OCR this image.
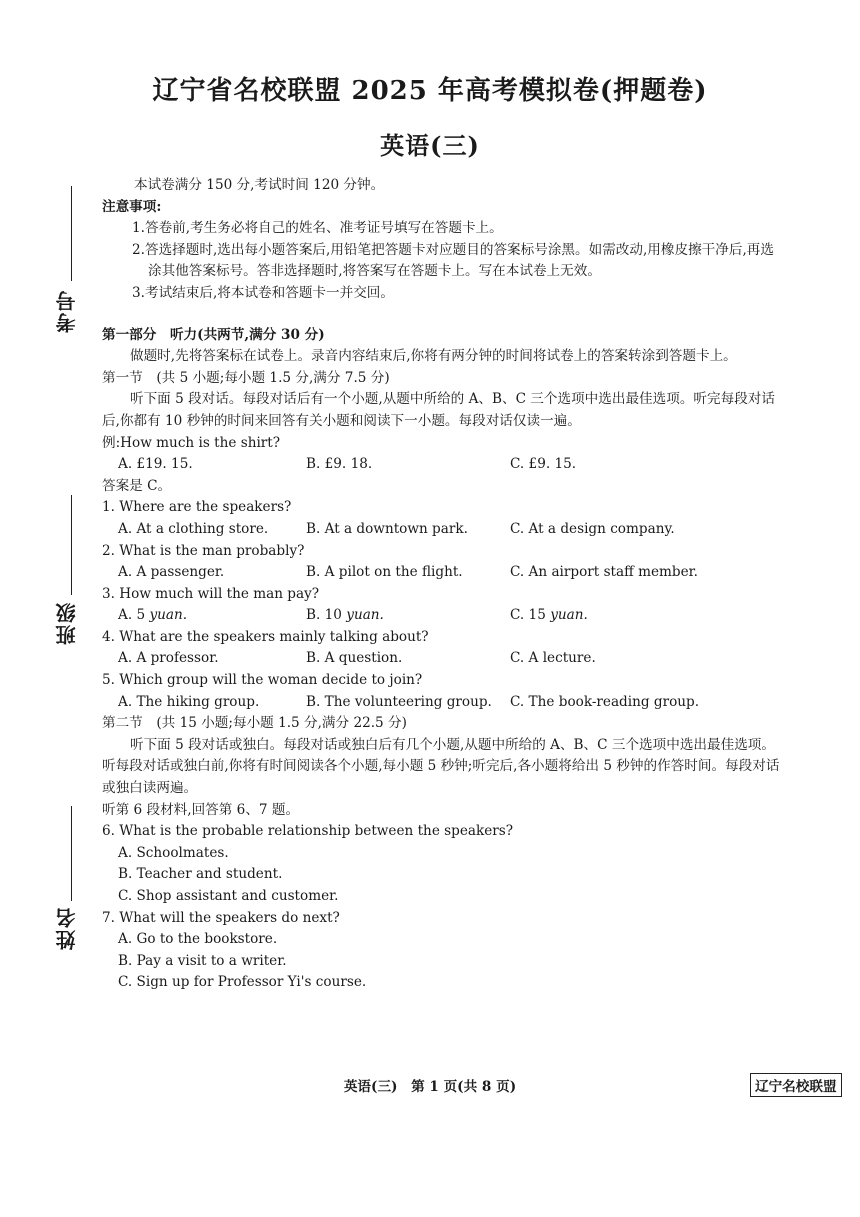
考号
班级
姓名
辽宁省名校联盟 2025 年高考模拟卷(押题卷)
英语(三)

本试卷满分 150 分,考试时间 120 分钟。

注意事项:

1.答卷前,考生务必将自己的姓名、准考证号填写在答题卡上。

2.答选择题时,选出每小题答案后,用铅笔把答题卡对应题目的答案标号涂黑。如需改动,用橡皮擦干净后,再选涂其他答案标号。答非选择题时,将答案写在答题卡上。写在本试卷上无效。

3.考试结束后,将本试卷和答题卡一并交回。

第一部分　听力(共两节,满分 30 分)

做题时,先将答案标在试卷上。录音内容结束后,你将有两分钟的时间将试卷上的答案转涂到答题卡上。

第一节　(共 5 小题;每小题 1.5 分,满分 7.5 分)

听下面 5 段对话。每段对话后有一个小题,从题中所给的 A、B、C 三个选项中选出最佳选项。听完每段对话后,你都有 10 秒钟的时间来回答有关小题和阅读下一小题。每段对话仅读一遍。

例:How much is the shirt?

A. £19. 15.	B. £9. 18.	C. £9. 15.

答案是 C。

1. Where are the speakers?

A. At a clothing store.	B. At a downtown park.	C. At a design company.

2. What is the man probably?

A. A passenger.	B. A pilot on the flight.	C. An airport staff member.

3. How much will the man pay?

A. 5 yuan.	B. 10 yuan.	C. 15 yuan.

4. What are the speakers mainly talking about?

A. A professor.	B. A question.	C. A lecture.

5. Which group will the woman decide to join?

A. The hiking group.	B. The volunteering group.	C. The book-reading group.

第二节　(共 15 小题;每小题 1.5 分,满分 22.5 分)

听下面 5 段对话或独白。每段对话或独白后有几个小题,从题中所给的 A、B、C 三个选项中选出最佳选项。听每段对话或独白前,你将有时间阅读各个小题,每小题 5 秒钟;听完后,各小题将给出 5 秒钟的作答时间。每段对话或独白读两遍。

听第 6 段材料,回答第 6、7 题。

6. What is the probable relationship between the speakers?

A. Schoolmates.

B. Teacher and student.

C. Shop assistant and customer.

7. What will the speakers do next?

A. Go to the bookstore.

B. Pay a visit to a writer.

C. Sign up for Professor Yi's course.

英语(三)　第 1 页(共 8 页)	辽宁名校联盟
